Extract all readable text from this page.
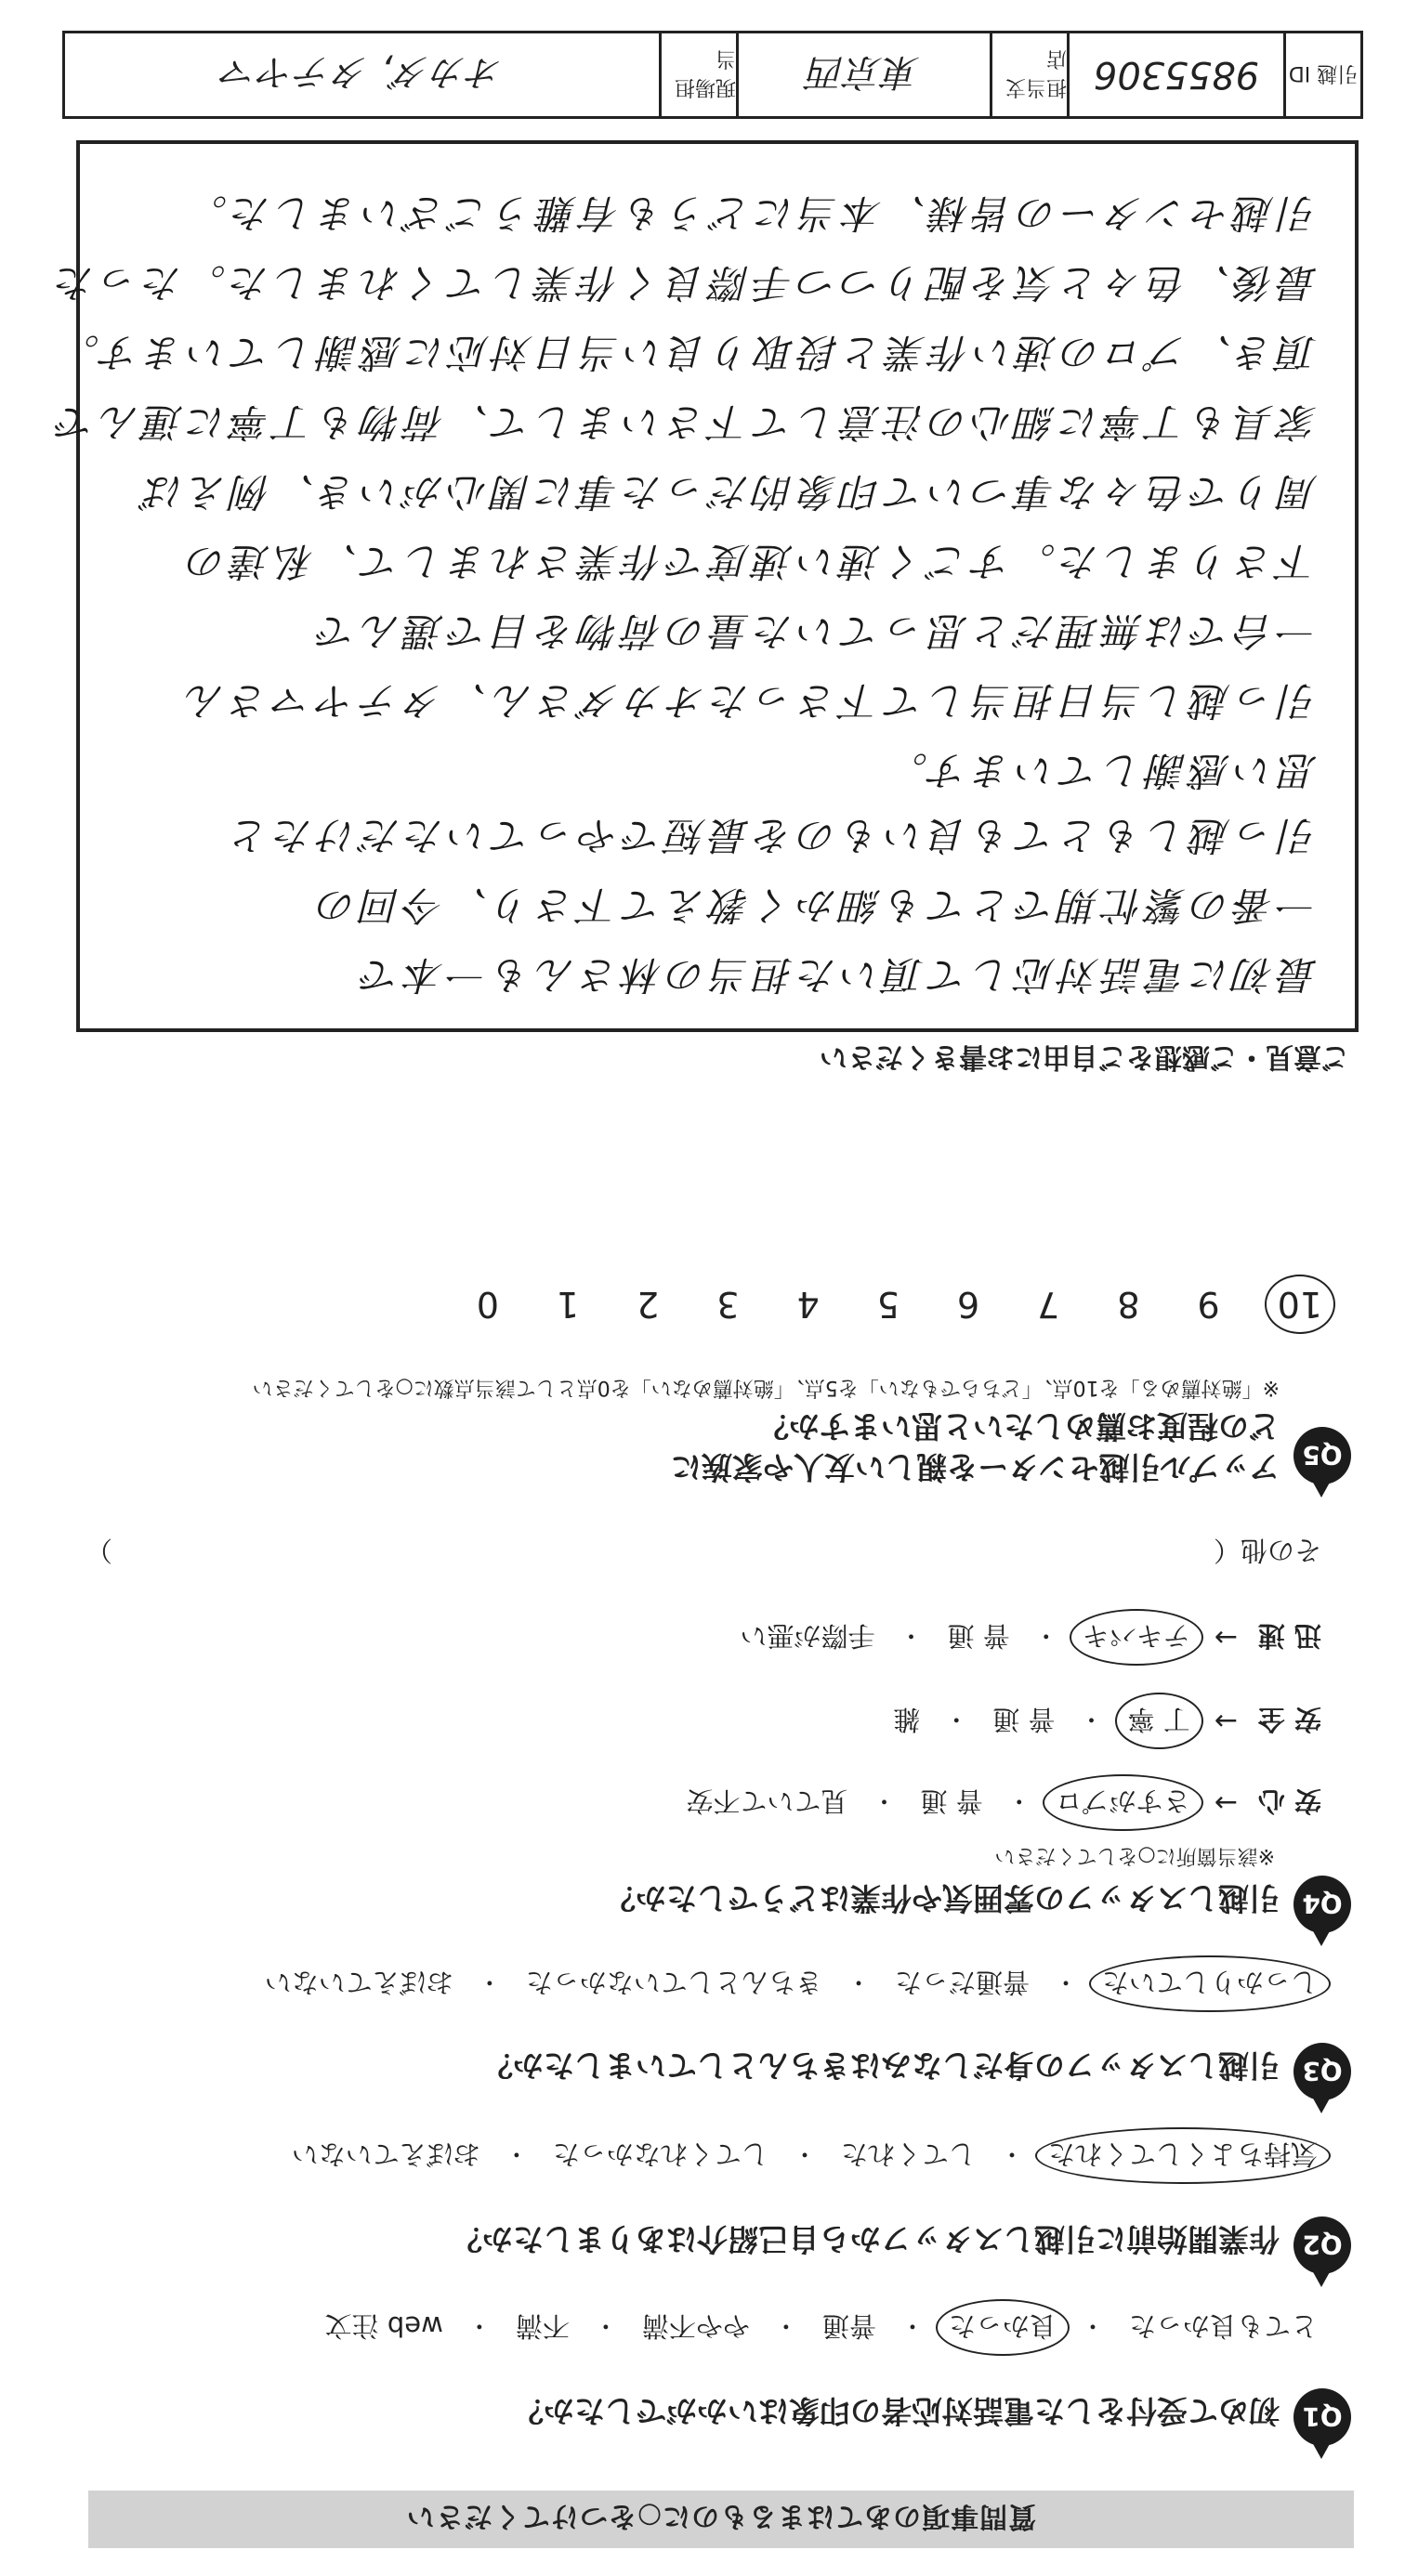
質問事項のあてはまるものに○をつけてください
Q1
初めて受付をした電話対応者の印象はいかがでしたか？
とても良かった
・
良かった
・
普通
・
やや不満
・
不満
・
web 注文
Q2
作業開始前に引越しスタッフから自己紹介はありましたか？
気持ちよくしてくれた
・
してくれた
・
してくれなかった
・
おぼえていない
Q3
引越しスタッフの身だしなみはきちんとしていましたか？
しっかりしていた
・
普通だった
・
きちんとしていなかった
・
おぼえていない
Q4
引越しスタッフの雰囲気や作業はどうでしたか？
※該当箇所に○をしてください
安 心
→
さすがプロ
・
普 通
・
見ていて不安
安 全
→
丁 寧
・
普 通
・
雑
迅 速
→
テキパキ
・
普 通
・
手際が悪い
その他（
）
Q5
アップル引越センターを親しい友人や家族に
どの程度お薦めしたいと思いますか？
※「絶対薦める」を10点、「どちらでもない」を5点、「絶対薦めない」を0点として該当点数に○をしてください
10
9
8
7
6
5
4
3
2
1
0
ご意見・ご感想をご自由にお書きください
最初に電話対応して頂いた担当の林さんも一本で
一番の繁忙期でとても細かく教えて下さり、今回の
引っ越しもとても良いものを最短でやっていただけたと
思い感謝しています。
引っ越し当日担当して下さったオカダさん、タテヤマさん
一台では無理だと思っていた量の荷物を目で選んで
下さりました。すごく速い速度で作業されまして、私達の
周りで色々な事ついて印象的だった事に関心がいき、例えば
家具も丁寧に細心の注意して下さいまして、荷物も丁寧に運んで
頂き、プロの速い作業と段取り良い当日対応に感謝しています。
最後、色々と気を配りつつ手際良く作業してくれました。たった
引越センターの皆様、本当にどうも有難うございました。
引越 ID
9855306
担当支店
東京西
現場担当
オカダ, タテヤマ
